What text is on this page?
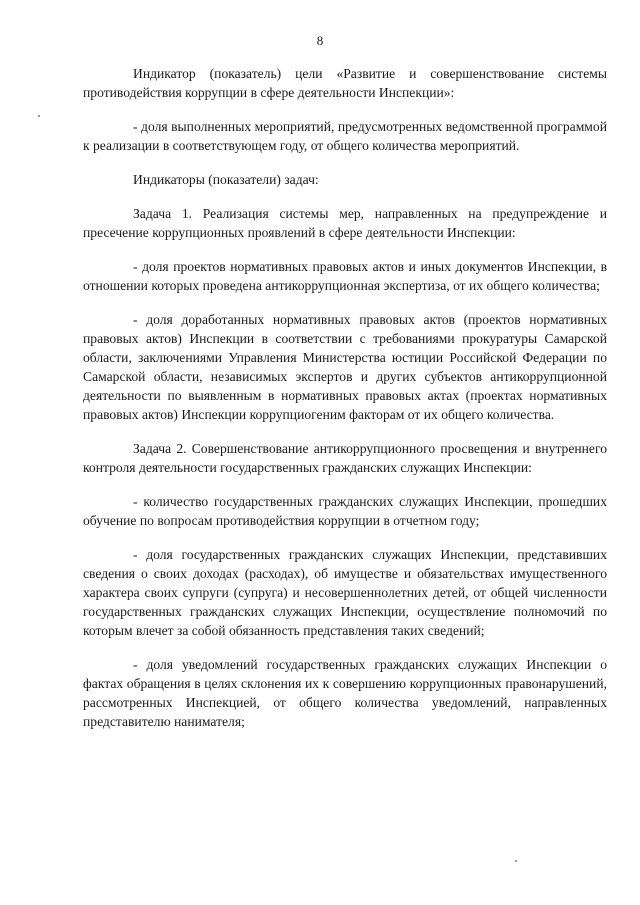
8

Индикатор (показатель) цели «Развитие и совершенствование системы противодействия коррупции в сфере деятельности Инспекции»:

- доля выполненных мероприятий, предусмотренных ведомственной программой к реализации в соответствующем году, от общего количества мероприятий.

Индикаторы (показатели) задач:

Задача 1. Реализация системы мер, направленных на предупреждение и пресечение коррупционных проявлений в сфере деятельности Инспекции:

- доля проектов нормативных правовых актов и иных документов Инспекции, в отношении которых проведена антикоррупционная экспертиза, от их общего количества;

- доля доработанных нормативных правовых актов (проектов нормативных правовых актов) Инспекции в соответствии с требованиями прокуратуры Самарской области, заключениями Управления Министерства юстиции Российской Федерации по Самарской области, независимых экспертов и других субъектов антикоррупционной деятельности по выявленным в нормативных правовых актах (проектах нормативных правовых актов) Инспекции коррупциогеним факторам от их общего количества.

Задача 2. Совершенствование антикоррупционного просвещения и внутреннего контроля деятельности государственных гражданских служащих Инспекции:

- количество государственных гражданских служащих Инспекции, прошедших обучение по вопросам противодействия коррупции в отчетном году;

- доля государственных гражданских служащих Инспекции, представивших сведения о своих доходах (расходах), об имуществе и обязательствах имущественного характера своих супруги (супруга) и несовершеннолетних детей, от общей численности государственных гражданских служащих Инспекции, осуществление полномочий по которым влечет за собой обязанность представления таких сведений;

- доля уведомлений государственных гражданских служащих Инспекции о фактах обращения в целях склонения их к совершению коррупционных правонарушений, рассмотренных Инспекцией, от общего количества уведомлений, направленных представителю нанимателя;
